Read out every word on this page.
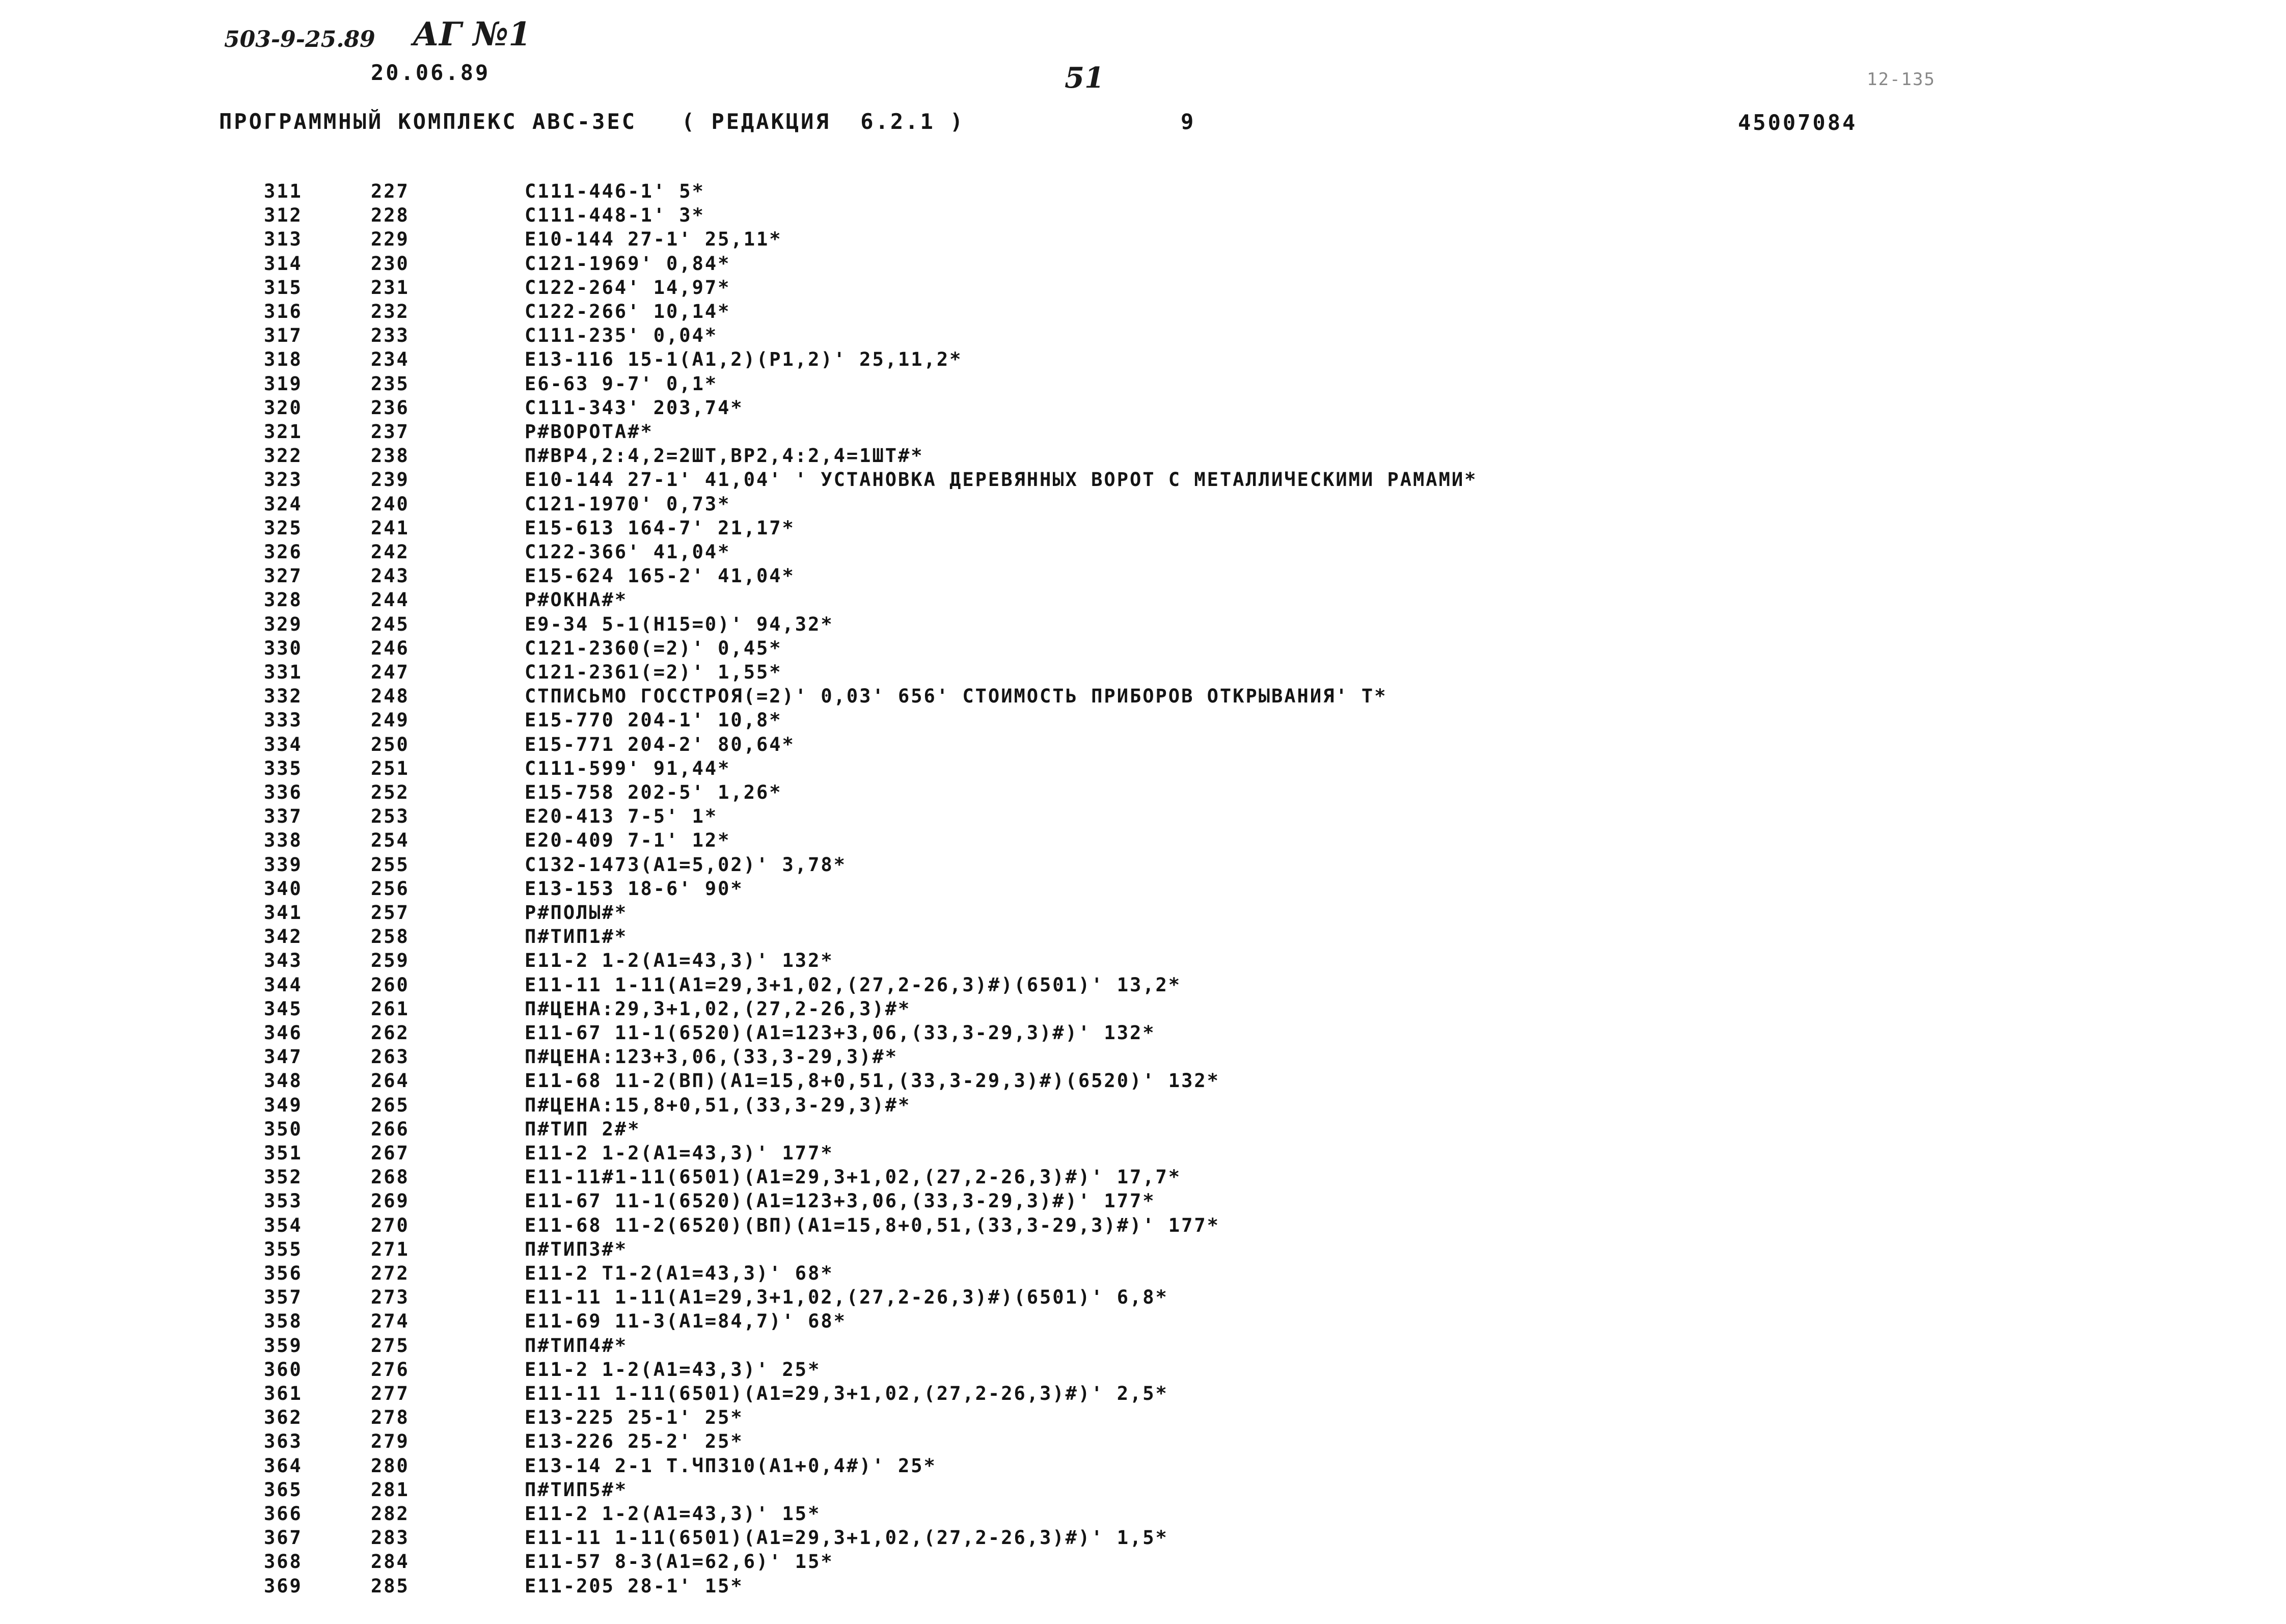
503-9-25.89 АГ №1
20.06.89	51	12-135
ПРОГРАММНЫЙ КОМПЛЕКС АВС-3ЕС   ( РЕДАКЦИЯ  6.2.1 )	9	45007084
311	227	С111-446-1' 5*
312	228	С111-448-1' 3*
313	229	Е10-144 27-1' 25,11*
314	230	С121-1969' 0,84*
315	231	С122-264' 14,97*
316	232	С122-266' 10,14*
317	233	С111-235' 0,04*
318	234	Е13-116 15-1(А1,2)(Р1,2)' 25,11,2*
319	235	Е6-63 9-7' 0,1*
320	236	С111-343' 203,74*
321	237	Р#ВОРОТА#*
322	238	П#ВР4,2:4,2=2ШТ,ВР2,4:2,4=1ШТ#*
323	239	Е10-144 27-1' 41,04' ' УСТАНОВКА ДЕРЕВЯННЫХ ВОРОТ С МЕТАЛЛИЧЕСКИМИ РАМАМИ*
324	240	С121-1970' 0,73*
325	241	Е15-613 164-7' 21,17*
326	242	С122-366' 41,04*
327	243	Е15-624 165-2' 41,04*
328	244	Р#ОКНА#*
329	245	Е9-34 5-1(Н15=0)' 94,32*
330	246	С121-2360(=2)' 0,45*
331	247	С121-2361(=2)' 1,55*
332	248	СТПИСЬМО ГОССТРОЯ(=2)' 0,03' 656' СТОИМОСТЬ ПРИБОРОВ ОТКРЫВАНИЯ' Т*
333	249	Е15-770 204-1' 10,8*
334	250	Е15-771 204-2' 80,64*
335	251	С111-599' 91,44*
336	252	Е15-758 202-5' 1,26*
337	253	Е20-413 7-5' 1*
338	254	Е20-409 7-1' 12*
339	255	С132-1473(А1=5,02)' 3,78*
340	256	Е13-153 18-6' 90*
341	257	Р#ПОЛЫ#*
342	258	П#ТИП1#*
343	259	Е11-2 1-2(А1=43,3)' 132*
344	260	Е11-11 1-11(А1=29,3+1,02,(27,2-26,3)#)(6501)' 13,2*
345	261	П#ЦЕНА:29,3+1,02,(27,2-26,3)#*
346	262	Е11-67 11-1(6520)(А1=123+3,06,(33,3-29,3)#)' 132*
347	263	П#ЦЕНА:123+3,06,(33,3-29,3)#*
348	264	Е11-68 11-2(ВП)(А1=15,8+0,51,(33,3-29,3)#)(6520)' 132*
349	265	П#ЦЕНА:15,8+0,51,(33,3-29,3)#*
350	266	П#ТИП 2#*
351	267	Е11-2 1-2(А1=43,3)' 177*
352	268	Е11-11#1-11(6501)(А1=29,3+1,02,(27,2-26,3)#)' 17,7*
353	269	Е11-67 11-1(6520)(А1=123+3,06,(33,3-29,3)#)' 177*
354	270	Е11-68 11-2(6520)(ВП)(А1=15,8+0,51,(33,3-29,3)#)' 177*
355	271	П#ТИП3#*
356	272	Е11-2 Т1-2(А1=43,3)' 68*
357	273	Е11-11 1-11(А1=29,3+1,02,(27,2-26,3)#)(6501)' 6,8*
358	274	Е11-69 11-3(А1=84,7)' 68*
359	275	П#ТИП4#*
360	276	Е11-2 1-2(А1=43,3)' 25*
361	277	Е11-11 1-11(6501)(А1=29,3+1,02,(27,2-26,3)#)' 2,5*
362	278	Е13-225 25-1' 25*
363	279	Е13-226 25-2' 25*
364	280	Е13-14 2-1 Т.ЧП310(А1+0,4#)' 25*
365	281	П#ТИП5#*
366	282	Е11-2 1-2(А1=43,3)' 15*
367	283	Е11-11 1-11(6501)(А1=29,3+1,02,(27,2-26,3)#)' 1,5*
368	284	Е11-57 8-3(А1=62,6)' 15*
369	285	Е11-205 28-1' 15*
